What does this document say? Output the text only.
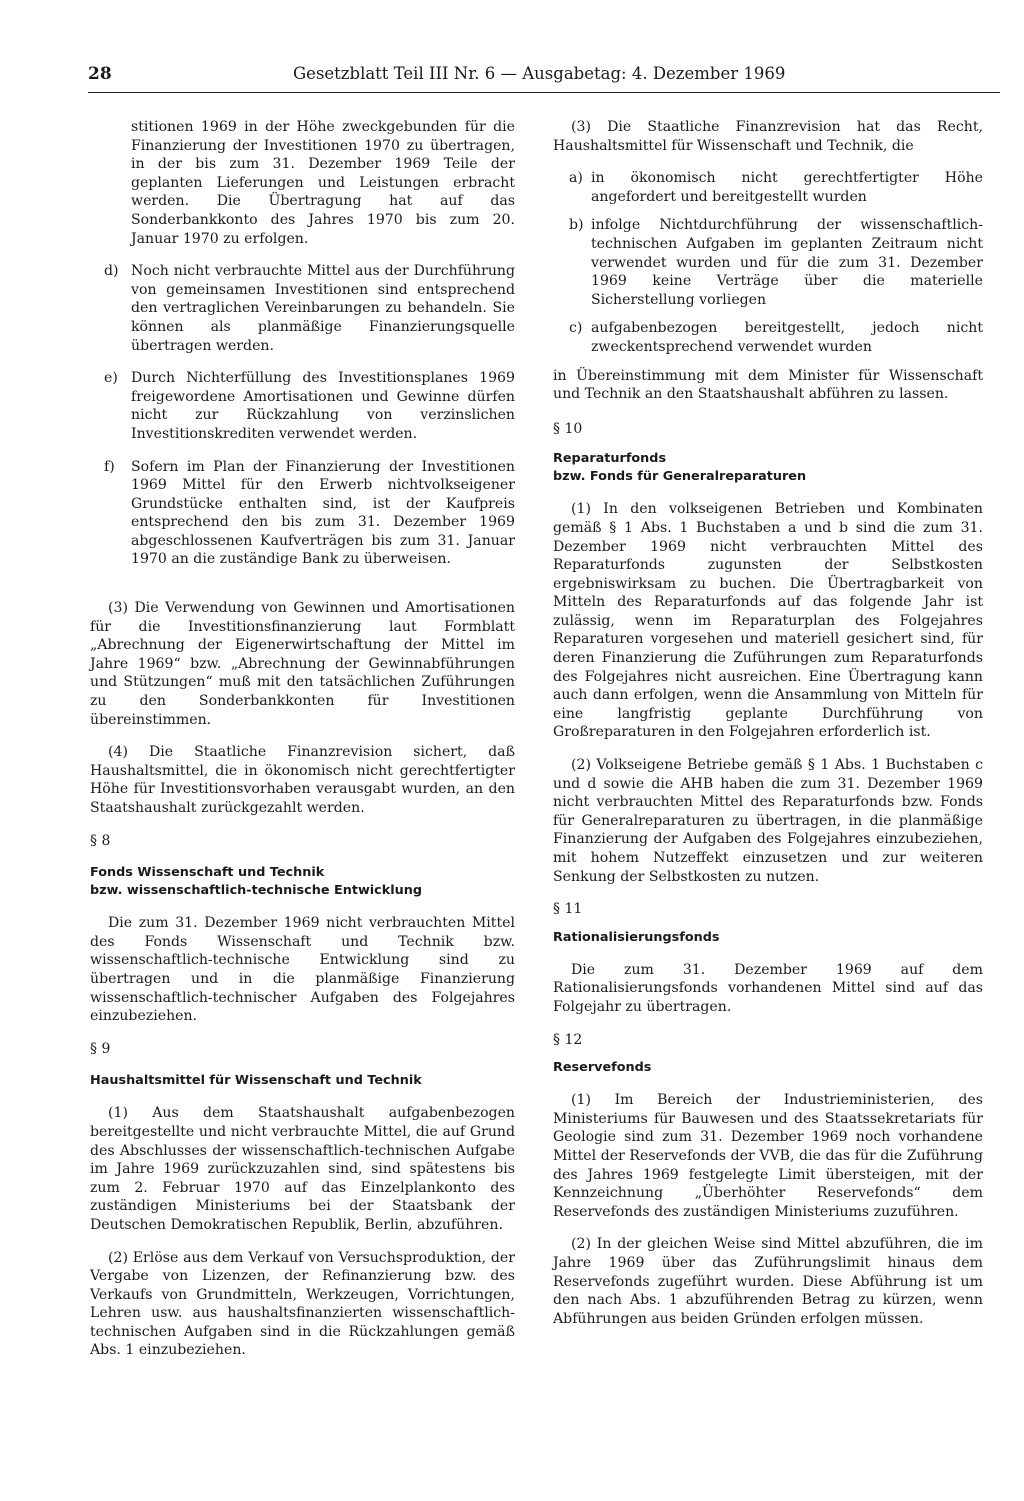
28	Gesetzblatt Teil III Nr. 6 — Ausgabetag: 4. Dezember 1969

stitionen 1969 in der Höhe zweckgebunden für die Finanzierung der Investitionen 1970 zu übertragen, in der bis zum 31. Dezember 1969 Teile der geplanten Lieferungen und Leistungen erbracht werden. Die Übertragung hat auf das Sonderbankkonto des Jahres 1970 bis zum 20. Januar 1970 zu erfolgen.

d) Noch nicht verbrauchte Mittel aus der Durchführung von gemeinsamen Investitionen sind entsprechend den vertraglichen Vereinbarungen zu behandeln. Sie können als planmäßige Finanzierungsquelle übertragen werden.
e) Durch Nichterfüllung des Investitionsplanes 1969 freigewordene Amortisationen und Gewinne dürfen nicht zur Rückzahlung von verzinslichen Investitionskrediten verwendet werden.
f) Sofern im Plan der Finanzierung der Investitionen 1969 Mittel für den Erwerb nichtvolkseigener Grundstücke enthalten sind, ist der Kaufpreis entsprechend den bis zum 31. Dezember 1969 abgeschlossenen Kaufverträgen bis zum 31. Januar 1970 an die zuständige Bank zu überweisen.

(3) Die Verwendung von Gewinnen und Amortisationen für die Investitionsfinanzierung laut Formblatt „Abrechnung der Eigenerwirtschaftung der Mittel im Jahre 1969“ bzw. „Abrechnung der Gewinnabführungen und Stützungen“ muß mit den tatsächlichen Zuführungen zu den Sonderbankkonten für Investitionen übereinstimmen.

(4) Die Staatliche Finanzrevision sichert, daß Haushaltsmittel, die in ökonomisch nicht gerechtfertigter Höhe für Investitionsvorhaben verausgabt wurden, an den Staatshaushalt zurückgezahlt werden.

§ 8

Fonds Wissenschaft und Technik
bzw. wissenschaftlich-technische Entwicklung

Die zum 31. Dezember 1969 nicht verbrauchten Mittel des Fonds Wissenschaft und Technik bzw. wissenschaftlich-technische Entwicklung sind zu übertragen und in die planmäßige Finanzierung wissenschaftlich-technischer Aufgaben des Folgejahres einzubeziehen.

§ 9

Haushaltsmittel für Wissenschaft und Technik

(1) Aus dem Staatshaushalt aufgabenbezogen bereitgestellte und nicht verbrauchte Mittel, die auf Grund des Abschlusses der wissenschaftlich-technischen Aufgabe im Jahre 1969 zurückzuzahlen sind, sind spätestens bis zum 2. Februar 1970 auf das Einzelplankonto des zuständigen Ministeriums bei der Staatsbank der Deutschen Demokratischen Republik, Berlin, abzuführen.

(2) Erlöse aus dem Verkauf von Versuchsproduktion, der Vergabe von Lizenzen, der Refinanzierung bzw. des Verkaufs von Grundmitteln, Werkzeugen, Vorrichtungen, Lehren usw. aus haushaltsfinanzierten wissenschaftlich-technischen Aufgaben sind in die Rückzahlungen gemäß Abs. 1 einzubeziehen.

(3) Die Staatliche Finanzrevision hat das Recht, Haushaltsmittel für Wissenschaft und Technik, die

a) in ökonomisch nicht gerechtfertigter Höhe angefordert und bereitgestellt wurden
b) infolge Nichtdurchführung der wissenschaftlich-technischen Aufgaben im geplanten Zeitraum nicht verwendet wurden und für die zum 31. Dezember 1969 keine Verträge über die materielle Sicherstellung vorliegen
c) aufgabenbezogen bereitgestellt, jedoch nicht zweckentsprechend verwendet wurden

in Übereinstimmung mit dem Minister für Wissenschaft und Technik an den Staatshaushalt abführen zu lassen.

§ 10

Reparaturfonds
bzw. Fonds für Generalreparaturen

(1) In den volkseigenen Betrieben und Kombinaten gemäß § 1 Abs. 1 Buchstaben a und b sind die zum 31. Dezember 1969 nicht verbrauchten Mittel des Reparaturfonds zugunsten der Selbstkosten ergebniswirksam zu buchen. Die Übertragbarkeit von Mitteln des Reparaturfonds auf das folgende Jahr ist zulässig, wenn im Reparaturplan des Folgejahres Reparaturen vorgesehen und materiell gesichert sind, für deren Finanzierung die Zuführungen zum Reparaturfonds des Folgejahres nicht ausreichen. Eine Übertragung kann auch dann erfolgen, wenn die Ansammlung von Mitteln für eine langfristig geplante Durchführung von Großreparaturen in den Folgejahren erforderlich ist.

(2) Volkseigene Betriebe gemäß § 1 Abs. 1 Buchstaben c und d sowie die AHB haben die zum 31. Dezember 1969 nicht verbrauchten Mittel des Reparaturfonds bzw. Fonds für Generalreparaturen zu übertragen, in die planmäßige Finanzierung der Aufgaben des Folgejahres einzubeziehen, mit hohem Nutzeffekt einzusetzen und zur weiteren Senkung der Selbstkosten zu nutzen.

§ 11

Rationalisierungsfonds

Die zum 31. Dezember 1969 auf dem Rationalisierungsfonds vorhandenen Mittel sind auf das Folgejahr zu übertragen.

§ 12

Reservefonds

(1) Im Bereich der Industrieministerien, des Ministeriums für Bauwesen und des Staatssekretariats für Geologie sind zum 31. Dezember 1969 noch vorhandene Mittel der Reservefonds der VVB, die das für die Zuführung des Jahres 1969 festgelegte Limit übersteigen, mit der Kennzeichnung „Überhöhter Reservefonds“ dem Reservefonds des zuständigen Ministeriums zuzuführen.

(2) In der gleichen Weise sind Mittel abzuführen, die im Jahre 1969 über das Zuführungslimit hinaus dem Reservefonds zugeführt wurden. Diese Abführung ist um den nach Abs. 1 abzuführenden Betrag zu kürzen, wenn Abführungen aus beiden Gründen erfolgen müssen.
